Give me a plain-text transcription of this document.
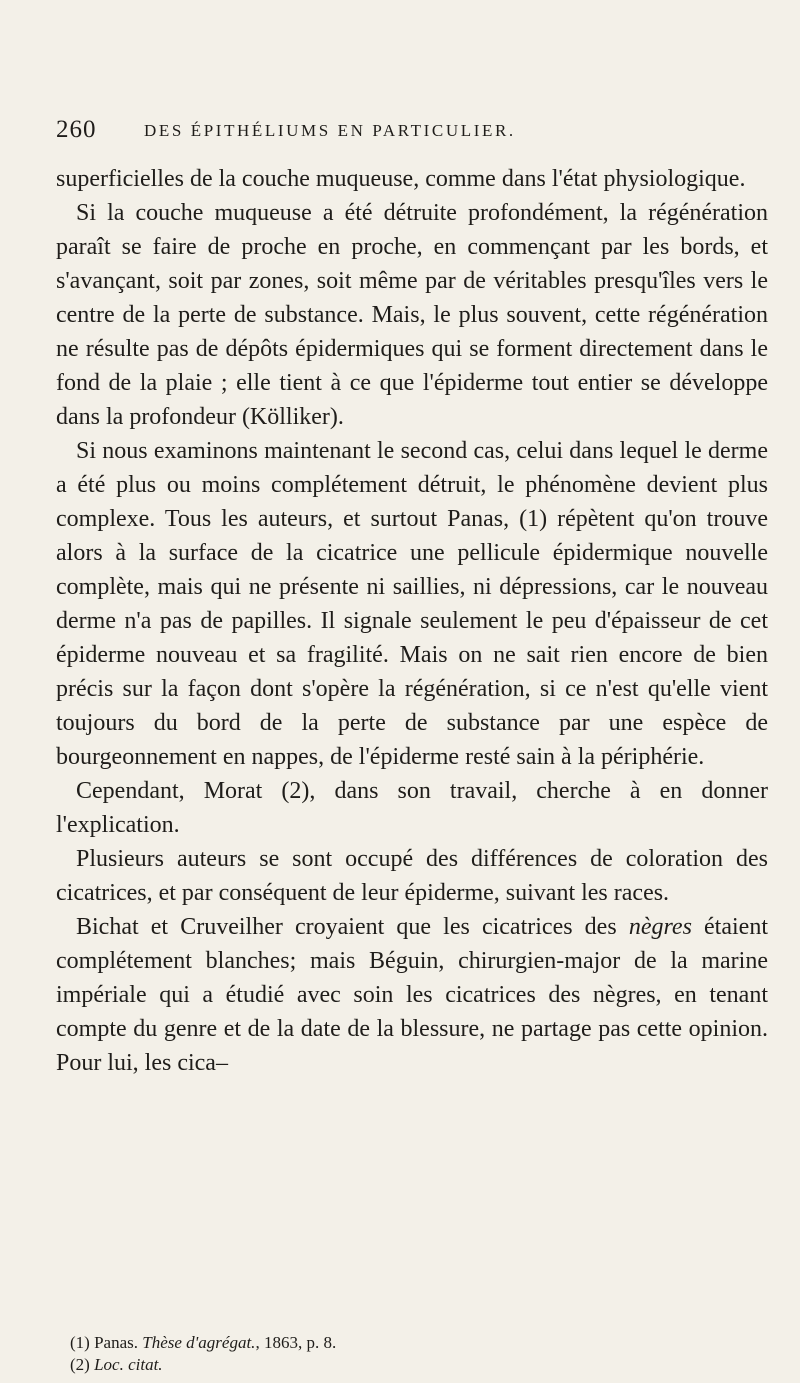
260	DES ÉPITHÉLIUMS EN PARTICULIER.

superficielles de la couche muqueuse, comme dans l'état physiologique.

Si la couche muqueuse a été détruite profondément, la régénération paraît se faire de proche en proche, en commençant par les bords, et s'avançant, soit par zones, soit même par de véritables presqu'îles vers le centre de la perte de substance. Mais, le plus souvent, cette régénération ne résulte pas de dépôts épidermiques qui se forment directement dans le fond de la plaie ; elle tient à ce que l'épiderme tout entier se développe dans la profondeur (Kölliker).

Si nous examinons maintenant le second cas, celui dans lequel le derme a été plus ou moins complétement détruit, le phénomène devient plus complexe. Tous les auteurs, et surtout Panas, (1) répètent qu'on trouve alors à la surface de la cicatrice une pellicule épidermique nouvelle complète, mais qui ne présente ni saillies, ni dépressions, car le nouveau derme n'a pas de papilles. Il signale seulement le peu d'épaisseur de cet épiderme nouveau et sa fragilité. Mais on ne sait rien encore de bien précis sur la façon dont s'opère la régénération, si ce n'est qu'elle vient toujours du bord de la perte de substance par une espèce de bourgeonnement en nappes, de l'épiderme resté sain à la périphérie.

Cependant, Morat (2), dans son travail, cherche à en donner l'explication.

Plusieurs auteurs se sont occupé des différences de coloration des cicatrices, et par conséquent de leur épiderme, suivant les races.

Bichat et Cruveilher croyaient que les cicatrices des nègres étaient complétement blanches; mais Béguin, chirurgien-major de la marine impériale qui a étudié avec soin les cicatrices des nègres, en tenant compte du genre et de la date de la blessure, ne partage pas cette opinion. Pour lui, les cica–

(1) Panas. Thèse d'agrégat., 1863, p. 8.
(2) Loc. citat.
